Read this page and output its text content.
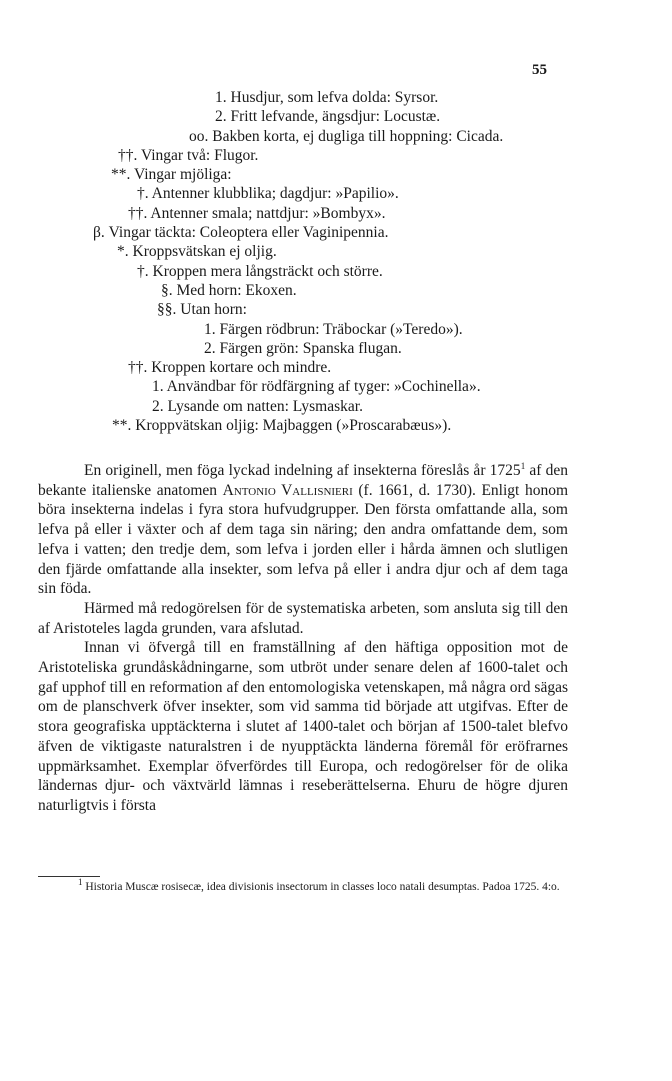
55
1. Husdjur, som lefva dolda: Syrsor.
2. Fritt lefvande, ängsdjur: Locustæ.
oo. Bakben korta, ej dugliga till hoppning: Cicada.
††. Vingar två: Flugor.
**. Vingar mjöliga:
†. Antenner klubblika; dagdjur: »Papilio».
††. Antenner smala; nattdjur: »Bombyx».
β. Vingar täckta: Coleoptera eller Vaginipennia.
*. Kroppsvätskan ej oljig.
†. Kroppen mera långsträckt och större.
§. Med horn: Ekoxen.
§§. Utan horn:
1. Färgen rödbrun: Träbockar (»Teredo»).
2. Färgen grön: Spanska flugan.
††. Kroppen kortare och mindre.
1. Användbar för rödfärgning af tyger: »Cochinella».
2. Lysande om natten: Lysmaskar.
**. Kroppvätskan oljig: Majbaggen (»Proscarabæus»).

En originell, men föga lyckad indelning af insekterna föreslås år 1725$^1$ af den bekante italienske anatomen Antonio Vallisnieri (f. 1661, d. 1730). Enligt honom böra insekterna indelas i fyra stora hufvudgrupper. Den första omfattande alla, som lefva på eller i växter och af dem taga sin näring; den andra omfattande dem, som lefva i vatten; den tredje dem, som lefva i jorden eller i hårda ämnen och slutligen den fjärde omfattande alla insekter, som lefva på eller i andra djur och af dem taga sin föda.

Härmed må redogörelsen för de systematiska arbeten, som ansluta sig till den af Aristoteles lagda grunden, vara afslutad.

Innan vi öfvergå till en framställning af den häftiga opposition mot de Aristoteliska grundåskådningarne, som utbröt under senare delen af 1600-talet och gaf upphof till en reformation af den entomologiska vetenskapen, må några ord sägas om de planschverk öfver insekter, som vid samma tid började att utgifvas. Efter de stora geografiska upptäckterna i slutet af 1400-talet och början af 1500-talet blefvo äfven de viktigaste naturalstren i de nyupptäckta länderna föremål för eröfrarnes uppmärksamhet. Exemplar öfverfördes till Europa, och redogörelser för de olika ländernas djur- och växtvärld lämnas i reseberättelserna. Ehuru de högre djuren naturligtvis i första

$^1$ Historia Muscæ rosisecæ, idea divisionis insectorum in classes loco natali desumptas. Padoa 1725. 4:o.
